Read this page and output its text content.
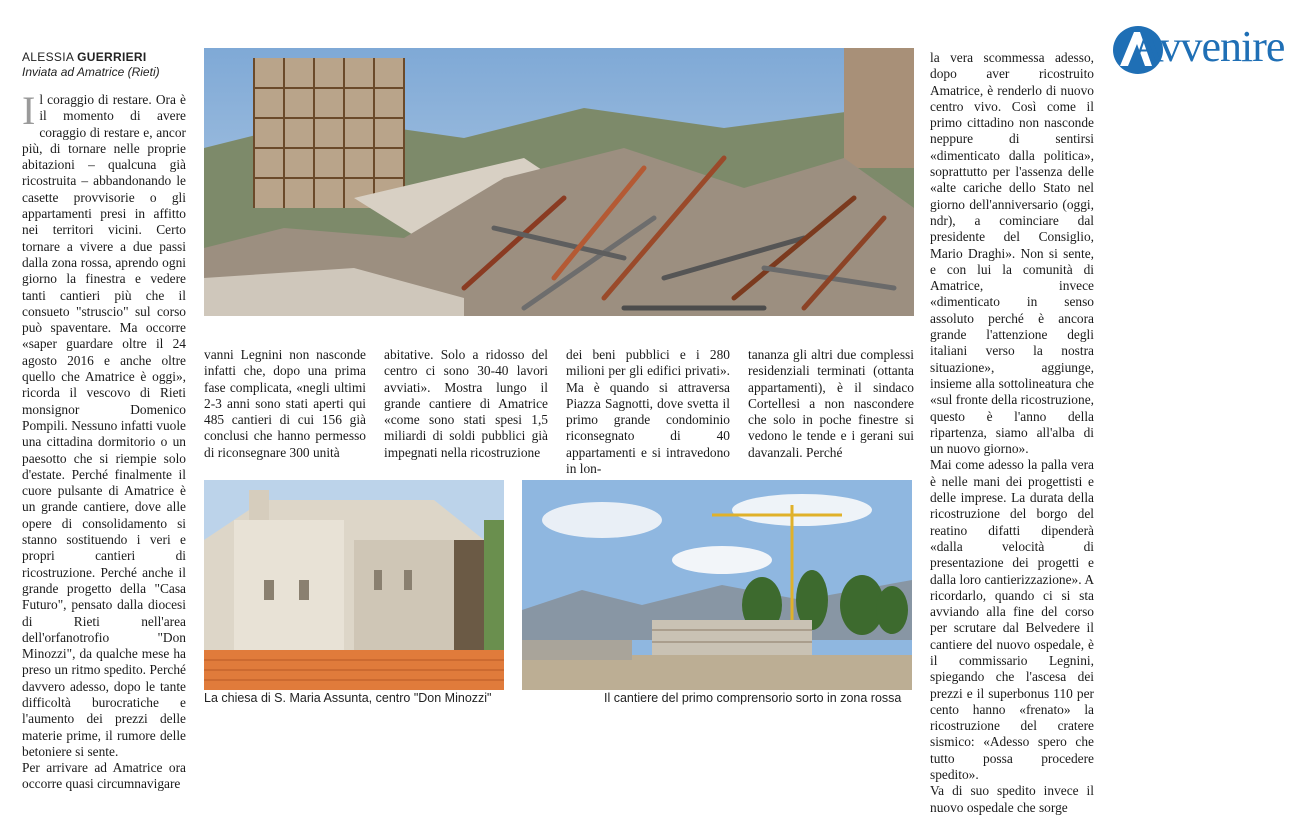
Avvenire
ALESSIA GUERRIERI
Inviata ad Amatrice (Rieti)

Il coraggio di restare. Ora è il momento di avere coraggio di restare e, ancor più, di tornare nelle proprie abitazioni – qualcuna già ricostruita – abbandonando le casette provvisorie o gli appartamenti presi in affitto nei territori vicini. Certo tornare a vivere a due passi dalla zona rossa, aprendo ogni giorno la finestra e vedere tanti cantieri più che il consueto "struscio" sul corso può spaventare. Ma occorre «saper guardare oltre il 24 agosto 2016 e anche oltre quello che Amatrice è oggi», ricorda il vescovo di Rieti monsignor Domenico Pompili. Nessuno infatti vuole una cittadina dormitorio o un paesotto che si riempie solo d'estate. Perché finalmente il cuore pulsante di Amatrice è un grande cantiere, dove alle opere di consolidamento si stanno sostituendo i veri e propri cantieri di ricostruzione. Perché anche il grande progetto della "Casa Futuro", pensato dalla diocesi di Rieti nell'area dell'orfanotrofio "Don Minozzi", da qualche mese ha preso un ritmo spedito. Perché davvero adesso, dopo le tante difficoltà burocratiche e l'aumento dei prezzi delle materie prime, il rumore delle betoniere si sente.

Per arrivare ad Amatrice ora occorre quasi circumnavigare

vanni Legnini non nasconde infatti che, dopo una prima fase complicata, «negli ultimi 2-3 anni sono stati aperti qui 485 cantieri di cui 156 già conclusi che hanno permesso di riconsegnare 300 unità

abitative. Solo a ridosso del centro ci sono 30-40 lavori avviati». Mostra lungo il grande cantiere di Amatrice «come sono stati spesi 1,5 miliardi di soldi pubblici già impegnati nella ricostruzione

dei beni pubblici e i 280 milioni per gli edifici privati». Ma è quando si attraversa Piazza Sagnotti, dove svetta il primo grande condominio riconsegnato di 40 appartamenti e si intravedono in lon-

tananza gli altri due complessi residenziali terminati (ottanta appartamenti), è il sindaco Cortellesi a non nascondere che solo in poche finestre si vedono le tende e i gerani sui davanzali. Perché

La chiesa di S. Maria Assunta, centro "Don Minozzi"	Il cantiere del primo comprensorio sorto in zona rossa

la vera scommessa adesso, dopo aver ricostruito Amatrice, è renderlo di nuovo centro vivo. Così come il primo cittadino non nasconde neppure di sentirsi «dimenticato dalla politica», soprattutto per l'assenza delle «alte cariche dello Stato nel giorno dell'anniversario (oggi, ndr), a cominciare dal presidente del Consiglio, Mario Draghi». Non si sente, e con lui la comunità di Amatrice, invece «dimenticato in senso assoluto perché è ancora grande l'attenzione degli italiani verso la nostra situazione», aggiunge, insieme alla sottolineatura che «sul fronte della ricostruzione, questo è l'anno della ripartenza, siamo all'alba di un nuovo giorno».

Mai come adesso la palla vera è nelle mani dei progettisti e delle imprese. La durata della ricostruzione del borgo del reatino difatti dipenderà «dalla velocità di presentazione dei progetti e dalla loro cantierizzazione». A ricordarlo, quando ci si sta avviando alla fine del corso per scrutare dal Belvedere il cantiere del nuovo ospedale, è il commissario Legnini, spiegando che l'ascesa dei prezzi e il superbonus 110 per cento hanno «frenato» la ricostruzione del cratere sismico: «Adesso spero che tutto possa procedere spedito».

Va di suo spedito invece il nuovo ospedale che sorge
